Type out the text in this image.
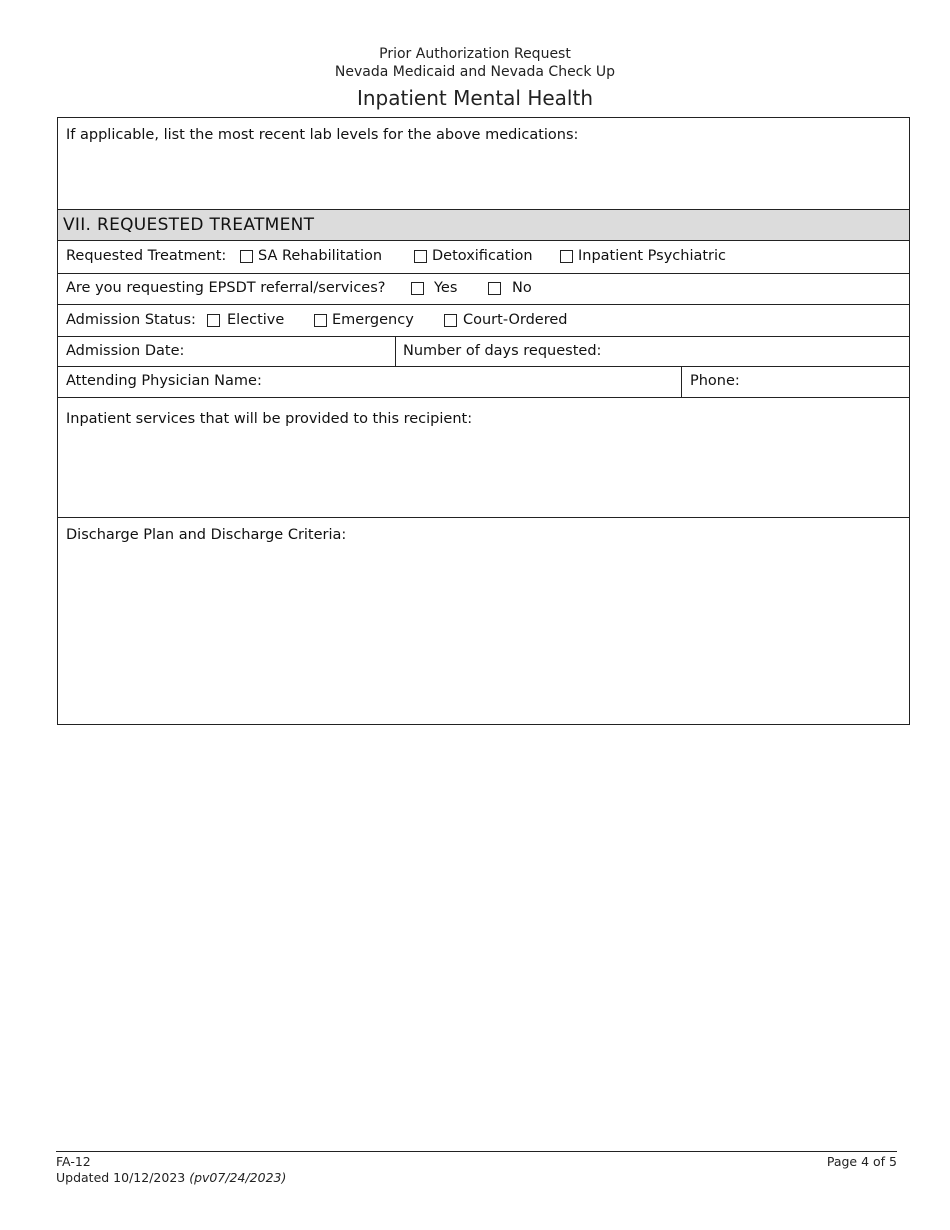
Prior Authorization Request
Nevada Medicaid and Nevada Check Up
Inpatient Mental Health
If applicable, list the most recent lab levels for the above medications:
VII. REQUESTED TREATMENT
Requested Treatment: SA Rehabilitation	Detoxification	Inpatient Psychiatric
Are you requesting EPSDT referral/services?	Yes	No
Admission Status: Elective	Emergency	Court-Ordered
Admission Date:	Number of days requested:
Attending Physician Name:	Phone:
Inpatient services that will be provided to this recipient:
Discharge Plan and Discharge Criteria:
FA-12
Updated 10/12/2023 (pv07/24/2023)
Page 4 of 5
